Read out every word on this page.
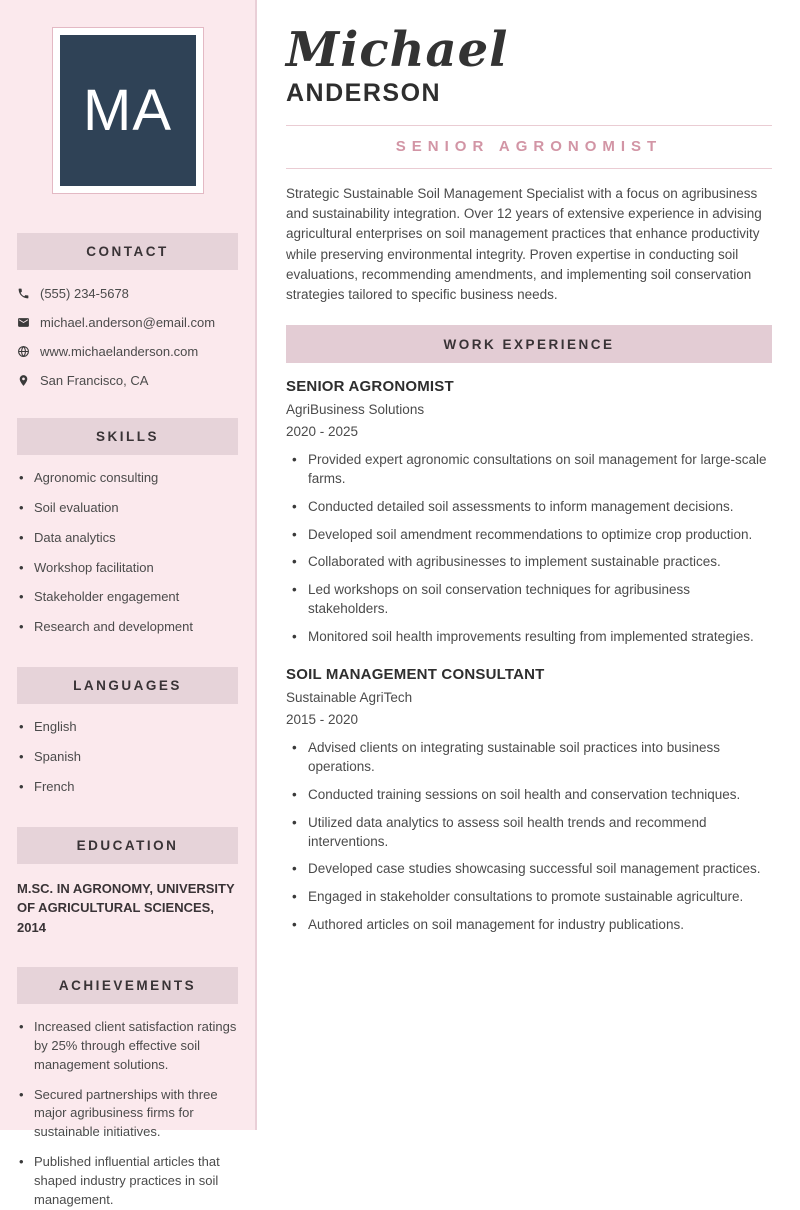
MA
CONTACT
(555) 234-5678
michael.anderson@email.com
www.michaelanderson.com
San Francisco, CA
SKILLS
• Agronomic consulting
• Soil evaluation
• Data analytics
• Workshop facilitation
• Stakeholder engagement
• Research and development
LANGUAGES
• English
• Spanish
• French
EDUCATION
M.SC. IN AGRONOMY, UNIVERSITY OF AGRICULTURAL SCIENCES, 2014
ACHIEVEMENTS
• Increased client satisfaction ratings by 25% through effective soil management solutions.
• Secured partnerships with three major agribusiness firms for sustainable initiatives.
• Published influential articles that shaped industry practices in soil management.
Michael
ANDERSON
SENIOR AGRONOMIST

Strategic Sustainable Soil Management Specialist with a focus on agribusiness and sustainability integration. Over 12 years of extensive experience in advising agricultural enterprises on soil management practices that enhance productivity while preserving environmental integrity. Proven expertise in conducting soil evaluations, recommending amendments, and implementing soil conservation strategies tailored to specific business needs.

WORK EXPERIENCE
SENIOR AGRONOMIST
AgriBusiness Solutions
2020 - 2025
• Provided expert agronomic consultations on soil management for large-scale farms.
• Conducted detailed soil assessments to inform management decisions.
• Developed soil amendment recommendations to optimize crop production.
• Collaborated with agribusinesses to implement sustainable practices.
• Led workshops on soil conservation techniques for agribusiness stakeholders.
• Monitored soil health improvements resulting from implemented strategies.
SOIL MANAGEMENT CONSULTANT
Sustainable AgriTech
2015 - 2020
• Advised clients on integrating sustainable soil practices into business operations.
• Conducted training sessions on soil health and conservation techniques.
• Utilized data analytics to assess soil health trends and recommend interventions.
• Developed case studies showcasing successful soil management practices.
• Engaged in stakeholder consultations to promote sustainable agriculture.
• Authored articles on soil management for industry publications.
